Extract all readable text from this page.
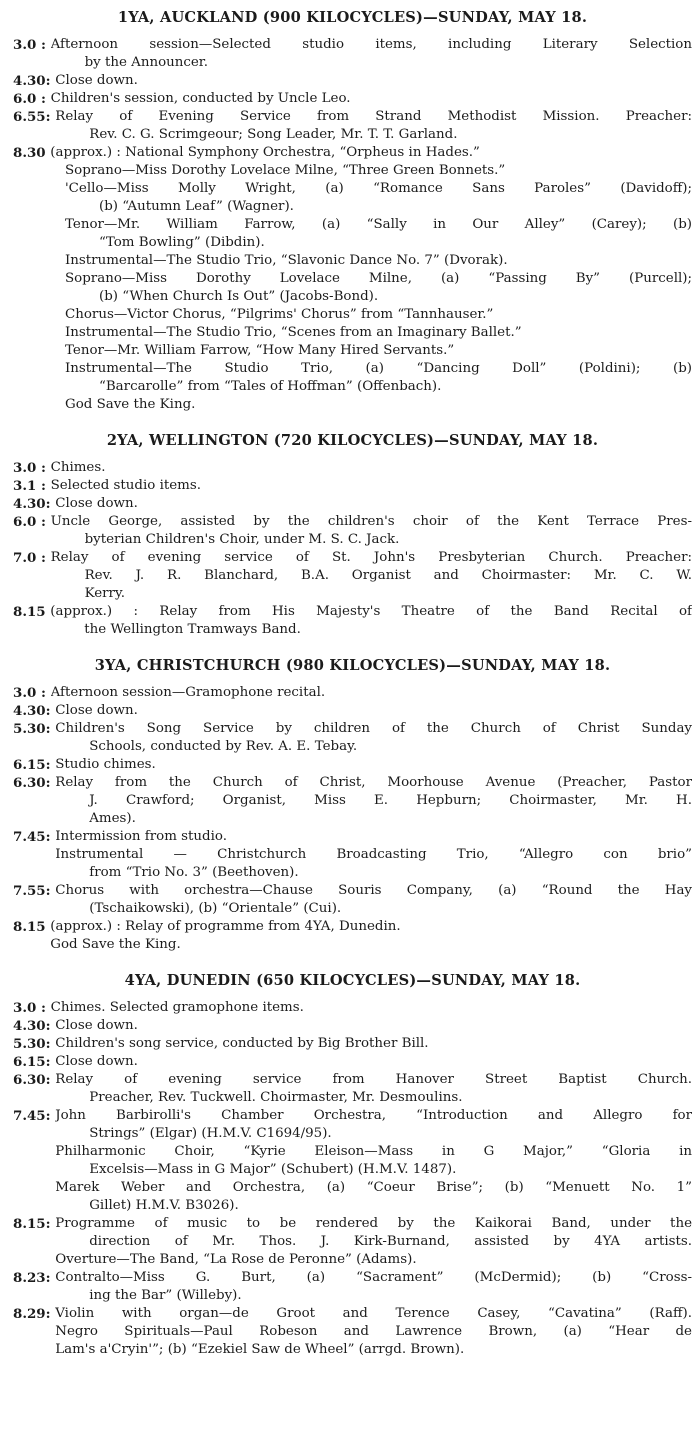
1YA, AUCKLAND (900 KILOCYCLES)—SUNDAY, MAY 18.
3.0 : Afternoon session—Selected studio items, including Literary Selection
by the Announcer.
4.30 : Close down.
6.0 : Children's session, conducted by Uncle Leo.
6.55 : Relay of Evening Service from Strand Methodist Mission. Preacher:
Rev. C. G. Scrimgeour; Song Leader, Mr. T. T. Garland.
8.30
(approx.) : National Symphony Orchestra, “Orpheus in Hades.”
Soprano—Miss Dorothy Lovelace Milne, “Three Green Bonnets.”
'Cello—Miss Molly Wright, (a) “Romance Sans Paroles” (Davidoff);
(b) “Autumn Leaf” (Wagner).
Tenor—Mr. William Farrow, (a) “Sally in Our Alley” (Carey); (b)
“Tom Bowling” (Dibdin).
Instrumental—The Studio Trio, “Slavonic Dance No. 7” (Dvorak).
Soprano—Miss Dorothy Lovelace Milne, (a) “Passing By” (Purcell);
(b) “When Church Is Out” (Jacobs-Bond).
Chorus—Victor Chorus, “Pilgrims' Chorus” from “Tannhauser.”
Instrumental—The Studio Trio, “Scenes from an Imaginary Ballet.”
Tenor—Mr. William Farrow, “How Many Hired Servants.”
Instrumental—The Studio Trio, (a) “Dancing Doll” (Poldini); (b)
“Barcarolle” from “Tales of Hoffman” (Offenbach).
God Save the King.
2YA, WELLINGTON (720 KILOCYCLES)—SUNDAY, MAY 18.
3.0 : Chimes.
3.1 : Selected studio items.
4.30 : Close down.
6.0 : Uncle George, assisted by the children's choir of the Kent Terrace Pres-
byterian Children's Choir, under M. S. C. Jack.
7.0 : Relay of evening service of St. John's Presbyterian Church. Preacher:
Rev. J. R. Blanchard, B.A. Organist and Choirmaster: Mr. C. W.
Kerry.
8.15
(approx.) : Relay from His Majesty's Theatre of the Band Recital of
the Wellington Tramways Band.
3YA, CHRISTCHURCH (980 KILOCYCLES)—SUNDAY, MAY 18.
3.0 : Afternoon session—Gramophone recital.
4.30 : Close down.
5.30 : Children's Song Service by children of the Church of Christ Sunday
Schools, conducted by Rev. A. E. Tebay.
6.15 : Studio chimes.
6.30 : Relay from the Church of Christ, Moorhouse Avenue (Preacher, Pastor
J. Crawford; Organist, Miss E. Hepburn; Choirmaster, Mr. H.
Ames).
7.45 : Intermission from studio.
Instrumental — Christchurch Broadcasting Trio, “Allegro con brio”
from “Trio No. 3” (Beethoven).
7.55 : Chorus with orchestra—Chause Souris Company, (a) “Round the Hay
(Tschaikowski), (b) “Orientale” (Cui).
8.15
(approx.) : Relay of programme from 4YA, Dunedin.
God Save the King.
4YA, DUNEDIN (650 KILOCYCLES)—SUNDAY, MAY 18.
3.0 : Chimes. Selected gramophone items.
4.30 : Close down.
5.30 : Children's song service, conducted by Big Brother Bill.
6.15 : Close down.
6.30 : Relay of evening service from Hanover Street Baptist Church.
Preacher, Rev. Tuckwell. Choirmaster, Mr. Desmoulins.
7.45 : John Barbirolli's Chamber Orchestra, “Introduction and Allegro for
Strings” (Elgar) (H.M.V. C1694/95).
Philharmonic Choir, “Kyrie Eleison—Mass in G Major,” “Gloria in
Excelsis—Mass in G Major” (Schubert) (H.M.V. 1487).
Marek Weber and Orchestra, (a) “Coeur Brise”; (b) “Menuett No. 1”
Gillet) H.M.V. B3026).
8.15 : Programme of music to be rendered by the Kaikorai Band, under the
direction of Mr. Thos. J. Kirk-Burnand, assisted by 4YA artists.
Overture—The Band, “La Rose de Peronne” (Adams).
8.23 : Contralto—Miss G. Burt, (a) “Sacrament” (McDermid); (b) “Cross-
ing the Bar” (Willeby).
8.29 : Violin with organ—de Groot and Terence Casey, “Cavatina” (Raff).
Negro Spirituals—Paul Robeson and Lawrence Brown, (a) “Hear de
Lam's a'Cryin'”; (b) “Ezekiel Saw de Wheel” (arrgd. Brown).
